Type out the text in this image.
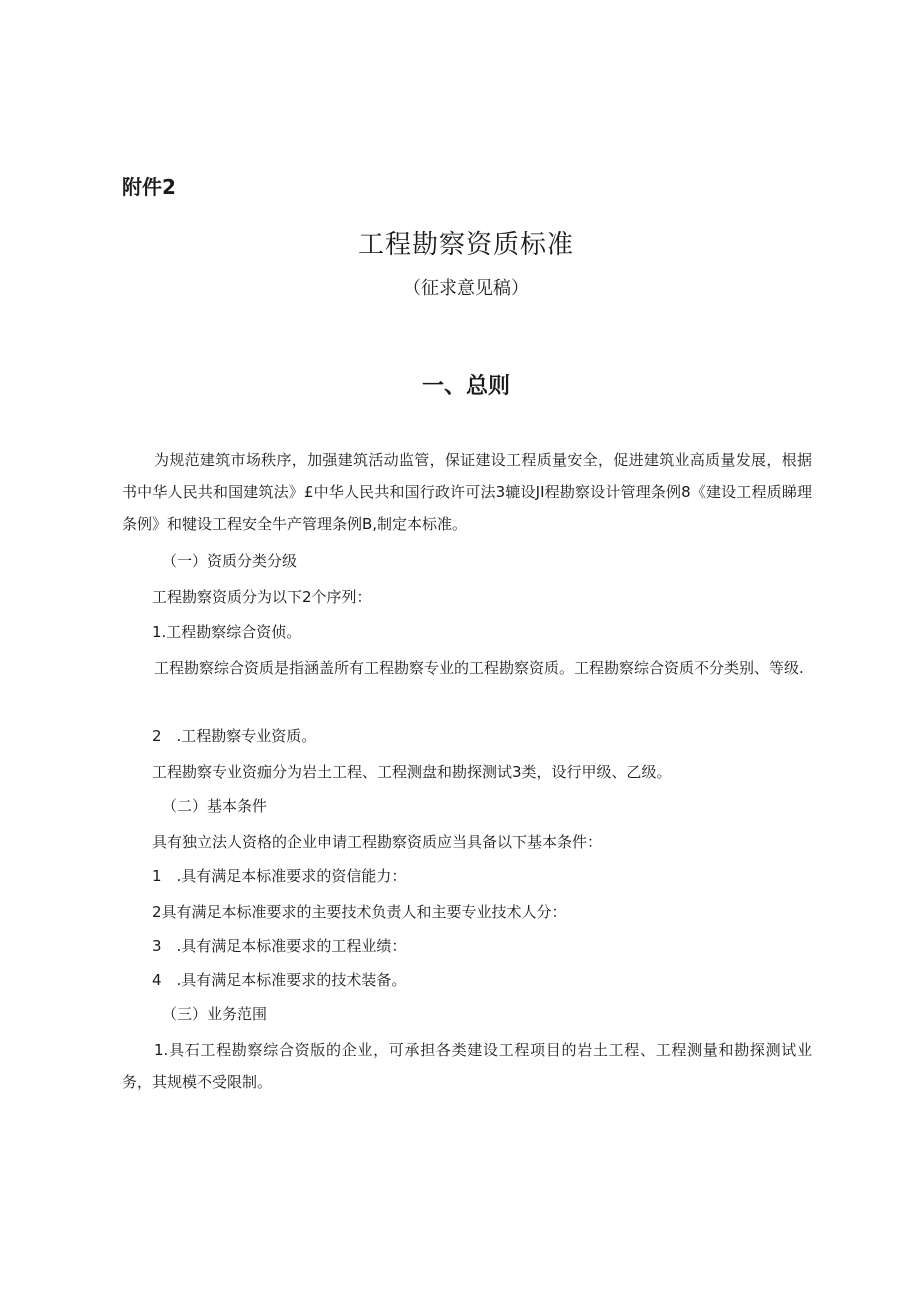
附件2
工程勘察资质标准
（征求意见稿）
一、总则

为规范建筑市场秩序，加强建筑活动监管，保证建设工程质量安全，促进建筑业高质量发展，根据书中华人民共和国建筑法》£中华人民共和国行政许可法3辘设JI程勘察设计管理条例8《建设工程质睇理条例》和犍设工程安全牛产管理条例B,制定本标准。

（一）资质分类分级

工程勘察资质分为以下2个序列：

1.工程勘察综合资侦。

工程勘察综合资质是指涵盖所有工程勘察专业的工程勘察资质。工程勘察综合资质不分类别、等级.

2　.工程勘察专业资质。

工程勘察专业资痂分为岩土工程、工程测盘和勘探测试3类，设行甲级、乙级。

（二）基本条件

具有独立法人资格的企业申请工程勘察资质应当具备以下基本条件：

1　.具有满足本标准要求的资信能力：

2具有满足本标准要求的主要技术负责人和主要专业技术人分：

3　.具有满足本标准要求的工程业绩：

4　.具有满足本标准要求的技术装备。

（三）业务范围

1.具石工程勘察综合资版的企业，可承担各类建设工程项目的岩土工程、工程测量和勘探测试业务，其规模不受限制。
